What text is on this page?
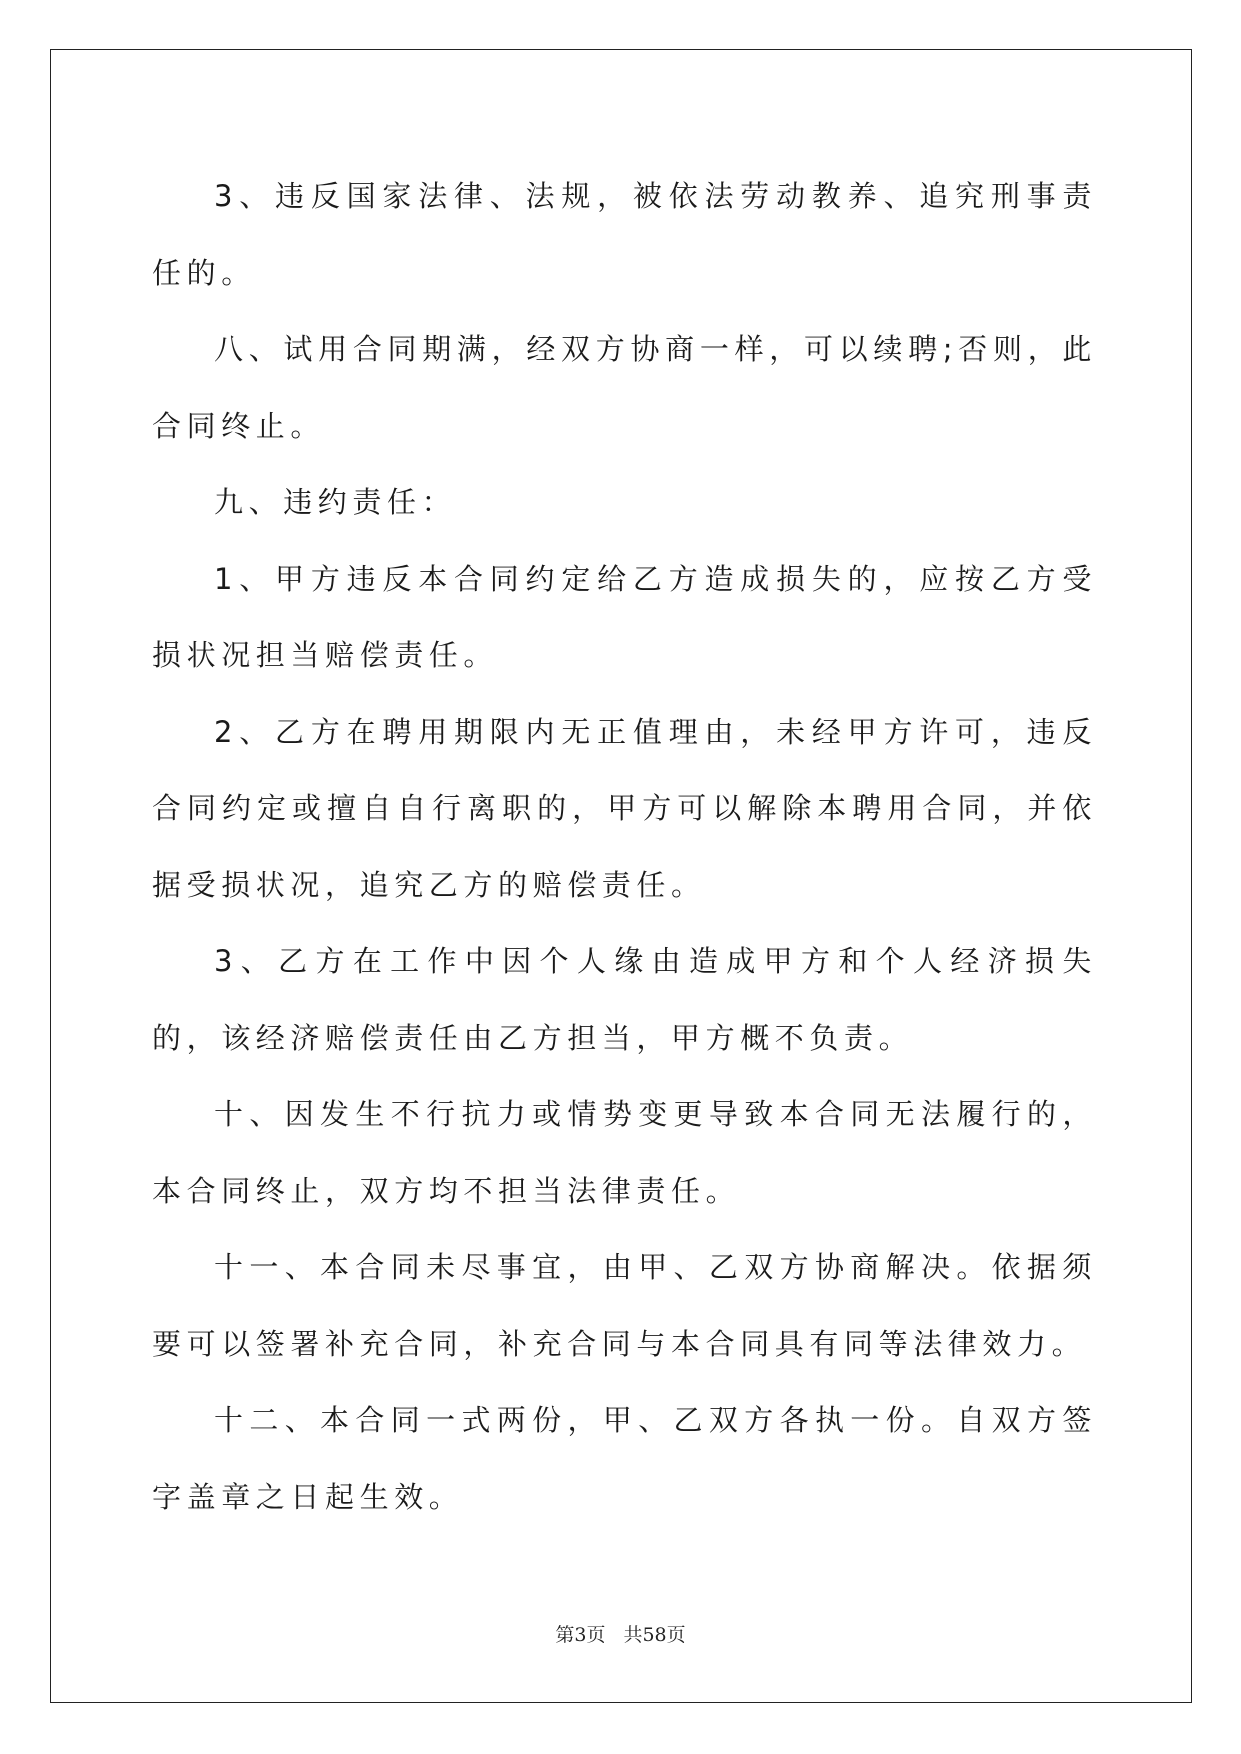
3、违反国家法律、法规，被依法劳动教养、追究刑事责任的。

八、试用合同期满，经双方协商一样，可以续聘;否则，此合同终止。

九、违约责任：

1、甲方违反本合同约定给乙方造成损失的，应按乙方受损状况担当赔偿责任。

2、乙方在聘用期限内无正值理由，未经甲方许可，违反合同约定或擅自自行离职的，甲方可以解除本聘用合同，并依据受损状况，追究乙方的赔偿责任。

3、乙方在工作中因个人缘由造成甲方和个人经济损失的，该经济赔偿责任由乙方担当，甲方概不负责。

十、因发生不行抗力或情势变更导致本合同无法履行的，本合同终止，双方均不担当法律责任。

十一、本合同未尽事宜，由甲、乙双方协商解决。依据须要可以签署补充合同，补充合同与本合同具有同等法律效力。

十二、本合同一式两份，甲、乙双方各执一份。自双方签字盖章之日起生效。

第3页 共58页
